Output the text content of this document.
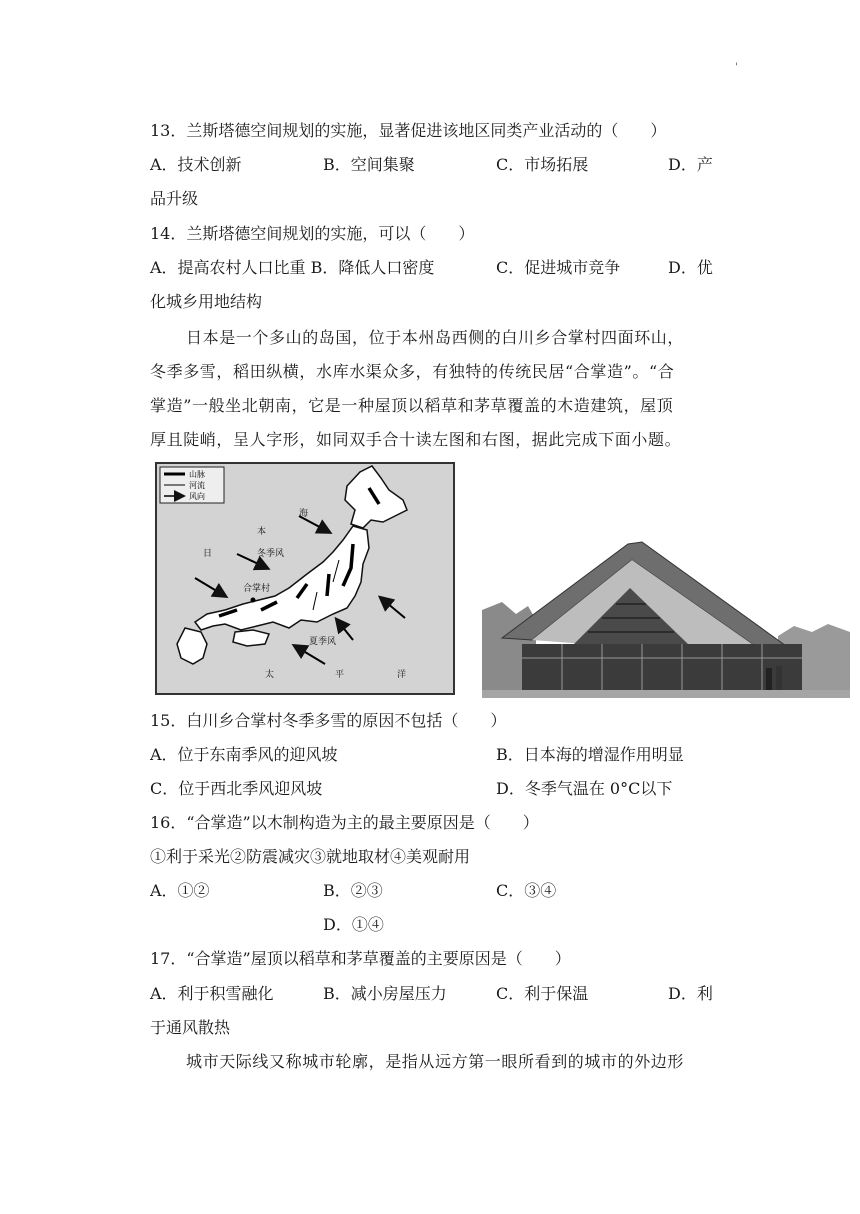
'
13．兰斯塔德空间规划的实施，显著促进该地区同类产业活动的（　　）
A．技术创新	B．空间集聚	C．市场拓展	D．产
品升级
14．兰斯塔德空间规划的实施，可以（　　）
A．提高农村人口比重 B．降低人口密度	C．促进城市竞争	D．优
化城乡用地结构
日本是一个多山的岛国，位于本州岛西侧的白川乡合掌村四面环山，
冬季多雪，稻田纵横，水库水渠众多，有独特的传统民居“合掌造”。“合
掌造”一般坐北朝南，它是一种屋顶以稻草和茅草覆盖的木造建筑，屋顶
厚且陡峭，呈人字形，如同双手合十读左图和右图，据此完成下面小题。
山脉
河流
风向
日
本
海
冬季风
合掌村
夏季风
太	平	洋
15．白川乡合掌村冬季多雪的原因不包括（　　）
A．位于东南季风的迎风坡	B．日本海的增湿作用明显
C．位于西北季风迎风坡	D．冬季气温在 0°C以下
16．“合掌造”以木制构造为主的最主要原因是（　　）
①利于采光②防震减灾③就地取材④美观耐用
A．①②	B．②③	C．③④
D．①④
17．“合掌造”屋顶以稻草和茅草覆盖的主要原因是（　　）
A．利于积雪融化	B．减小房屋压力	C．利于保温	D．利
于通风散热
城市天际线又称城市轮廓，是指从远方第一眼所看到的城市的外边形
